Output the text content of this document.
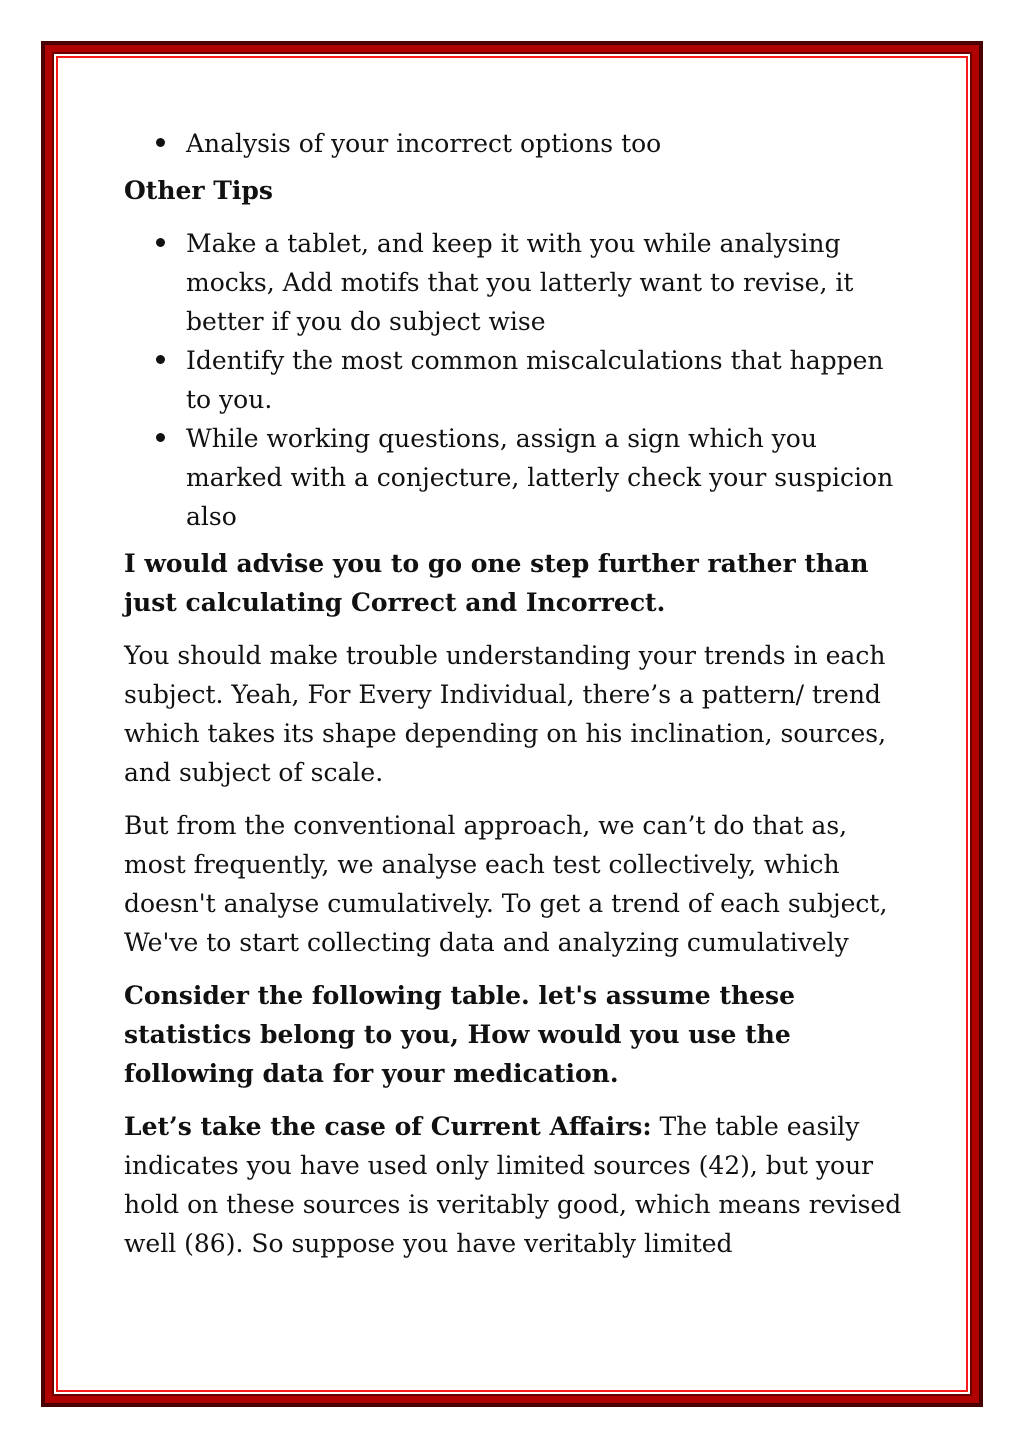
Analysis of your incorrect options too

Other Tips

Make a tablet, and keep it with you while analysing mocks, Add motifs that you latterly want to revise, it better if you do subject wise
Identify the most common miscalculations that happen to you.
While working questions, assign a sign which you marked with a conjecture, latterly check your suspicion also

I would advise you to go one step further rather than just calculating Correct and Incorrect.

You should make trouble understanding your trends in each subject. Yeah, For Every Individual, there’s a pattern/ trend which takes its shape depending on his inclination, sources, and subject of scale.

But from the conventional approach, we can’t do that as, most frequently, we analyse each test collectively, which doesn't analyse cumulatively. To get a trend of each subject, We've to start collecting data and analyzing cumulatively

Consider the following table. let's assume these statistics belong to you, How would you use the following data for your medication.

Let’s take the case of Current Affairs: The table easily indicates you have used only limited sources (42), but your hold on these sources is veritably good, which means revised well (86). So suppose you have veritably limited
